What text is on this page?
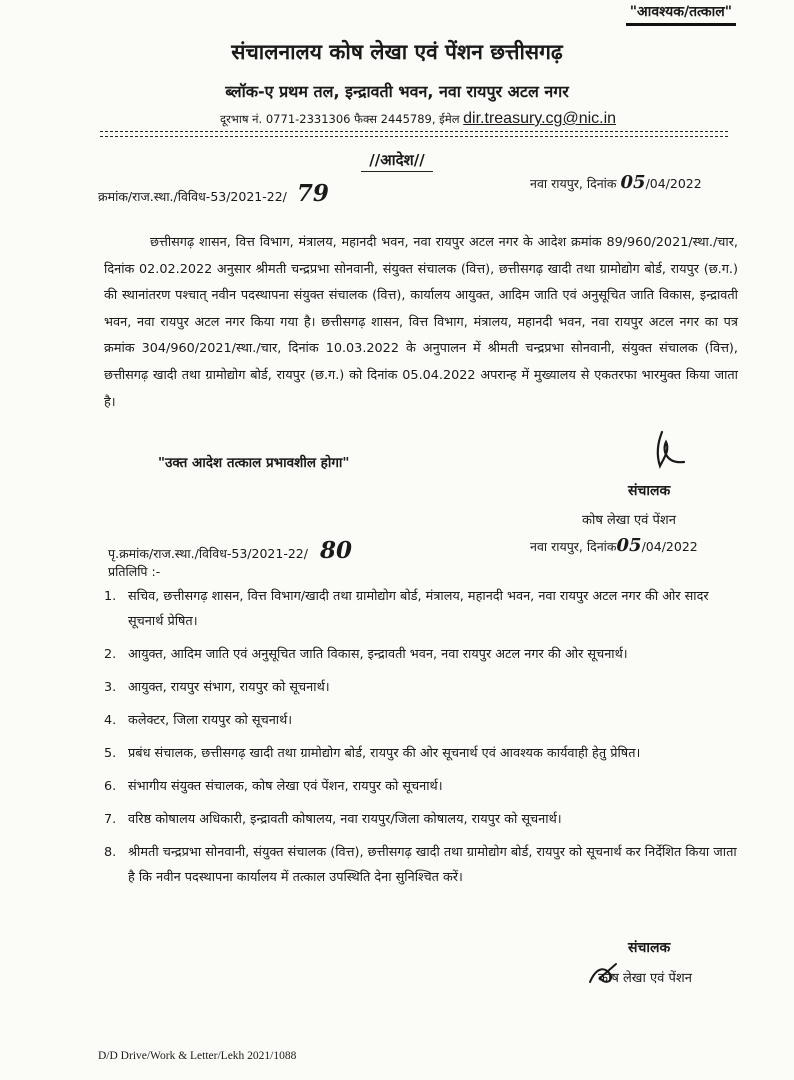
"आवश्यक/तत्काल"
संचालनालय कोष लेखा एवं पेंशन छत्तीसगढ़
ब्लॉक-ए प्रथम तल, इन्द्रावती भवन, नवा रायपुर अटल नगर
दूरभाष नं. 0771-2331306 फैक्स 2445789, ईमेल dir.treasury.cg@nic.in
//आदेश//
क्रमांक/राज.स्था./विविध-53/2021-22/ 79	नवा रायपुर, दिनांक 05/04/2022

छत्तीसगढ़ शासन, वित्त विभाग, मंत्रालय, महानदी भवन, नवा रायपुर अटल नगर के आदेश क्रमांक 89/960/2021/स्था./चार, दिनांक 02.02.2022 अनुसार श्रीमती चन्द्रप्रभा सोनवानी, संयुक्त संचालक (वित्त), छत्तीसगढ़ खादी तथा ग्रामोद्योग बोर्ड, रायपुर (छ.ग.) की स्थानांतरण पश्चात् नवीन पदस्थापना संयुक्त संचालक (वित्त), कार्यालय आयुक्त, आदिम जाति एवं अनुसूचित जाति विकास, इन्द्रावती भवन, नवा रायपुर अटल नगर किया गया है। छत्तीसगढ़ शासन, वित्त विभाग, मंत्रालय, महानदी भवन, नवा रायपुर अटल नगर का पत्र क्रमांक 304/960/2021/स्था./चार, दिनांक 10.03.2022 के अनुपालन में श्रीमती चन्द्रप्रभा सोनवानी, संयुक्त संचालक (वित्त), छत्तीसगढ़ खादी तथा ग्रामोद्योग बोर्ड, रायपुर (छ.ग.) को दिनांक 05.04.2022 अपरान्ह में मुख्यालय से एकतरफा भारमुक्त किया जाता है।

"उक्त आदेश तत्काल प्रभावशील होगा"
संचालक
कोष लेखा एवं पेंशन
पृ.क्रमांक/राज.स्था./विविध-53/2021-22/ 80	नवा रायपुर, दिनांक05/04/2022
प्रतिलिपि :-
1. सचिव, छत्तीसगढ़ शासन, वित्त विभाग/खादी तथा ग्रामोद्योग बोर्ड, मंत्रालय, महानदी भवन, नवा रायपुर अटल नगर की ओर सादर सूचनार्थ प्रेषित।
2. आयुक्त, आदिम जाति एवं अनुसूचित जाति विकास, इन्द्रावती भवन, नवा रायपुर अटल नगर की ओर सूचनार्थ।
3. आयुक्त, रायपुर संभाग, रायपुर को सूचनार्थ।
4. कलेक्टर, जिला रायपुर को सूचनार्थ।
5. प्रबंध संचालक, छत्तीसगढ़ खादी तथा ग्रामोद्योग बोर्ड, रायपुर की ओर सूचनार्थ एवं आवश्यक कार्यवाही हेतु प्रेषित।
6. संभागीय संयुक्त संचालक, कोष लेखा एवं पेंशन, रायपुर को सूचनार्थ।
7. वरिष्ठ कोषालय अधिकारी, इन्द्रावती कोषालय, नवा रायपुर/जिला कोषालय, रायपुर को सूचनार्थ।
8. श्रीमती चन्द्रप्रभा सोनवानी, संयुक्त संचालक (वित्त), छत्तीसगढ़ खादी तथा ग्रामोद्योग बोर्ड, रायपुर को सूचनार्थ कर निर्देशित किया जाता है कि नवीन पदस्थापना कार्यालय में तत्काल उपस्थिति देना सुनिश्चित करें।
संचालक
कोष लेखा एवं पेंशन
D/D Drive/Work & Letter/Lekh 2021/1088
